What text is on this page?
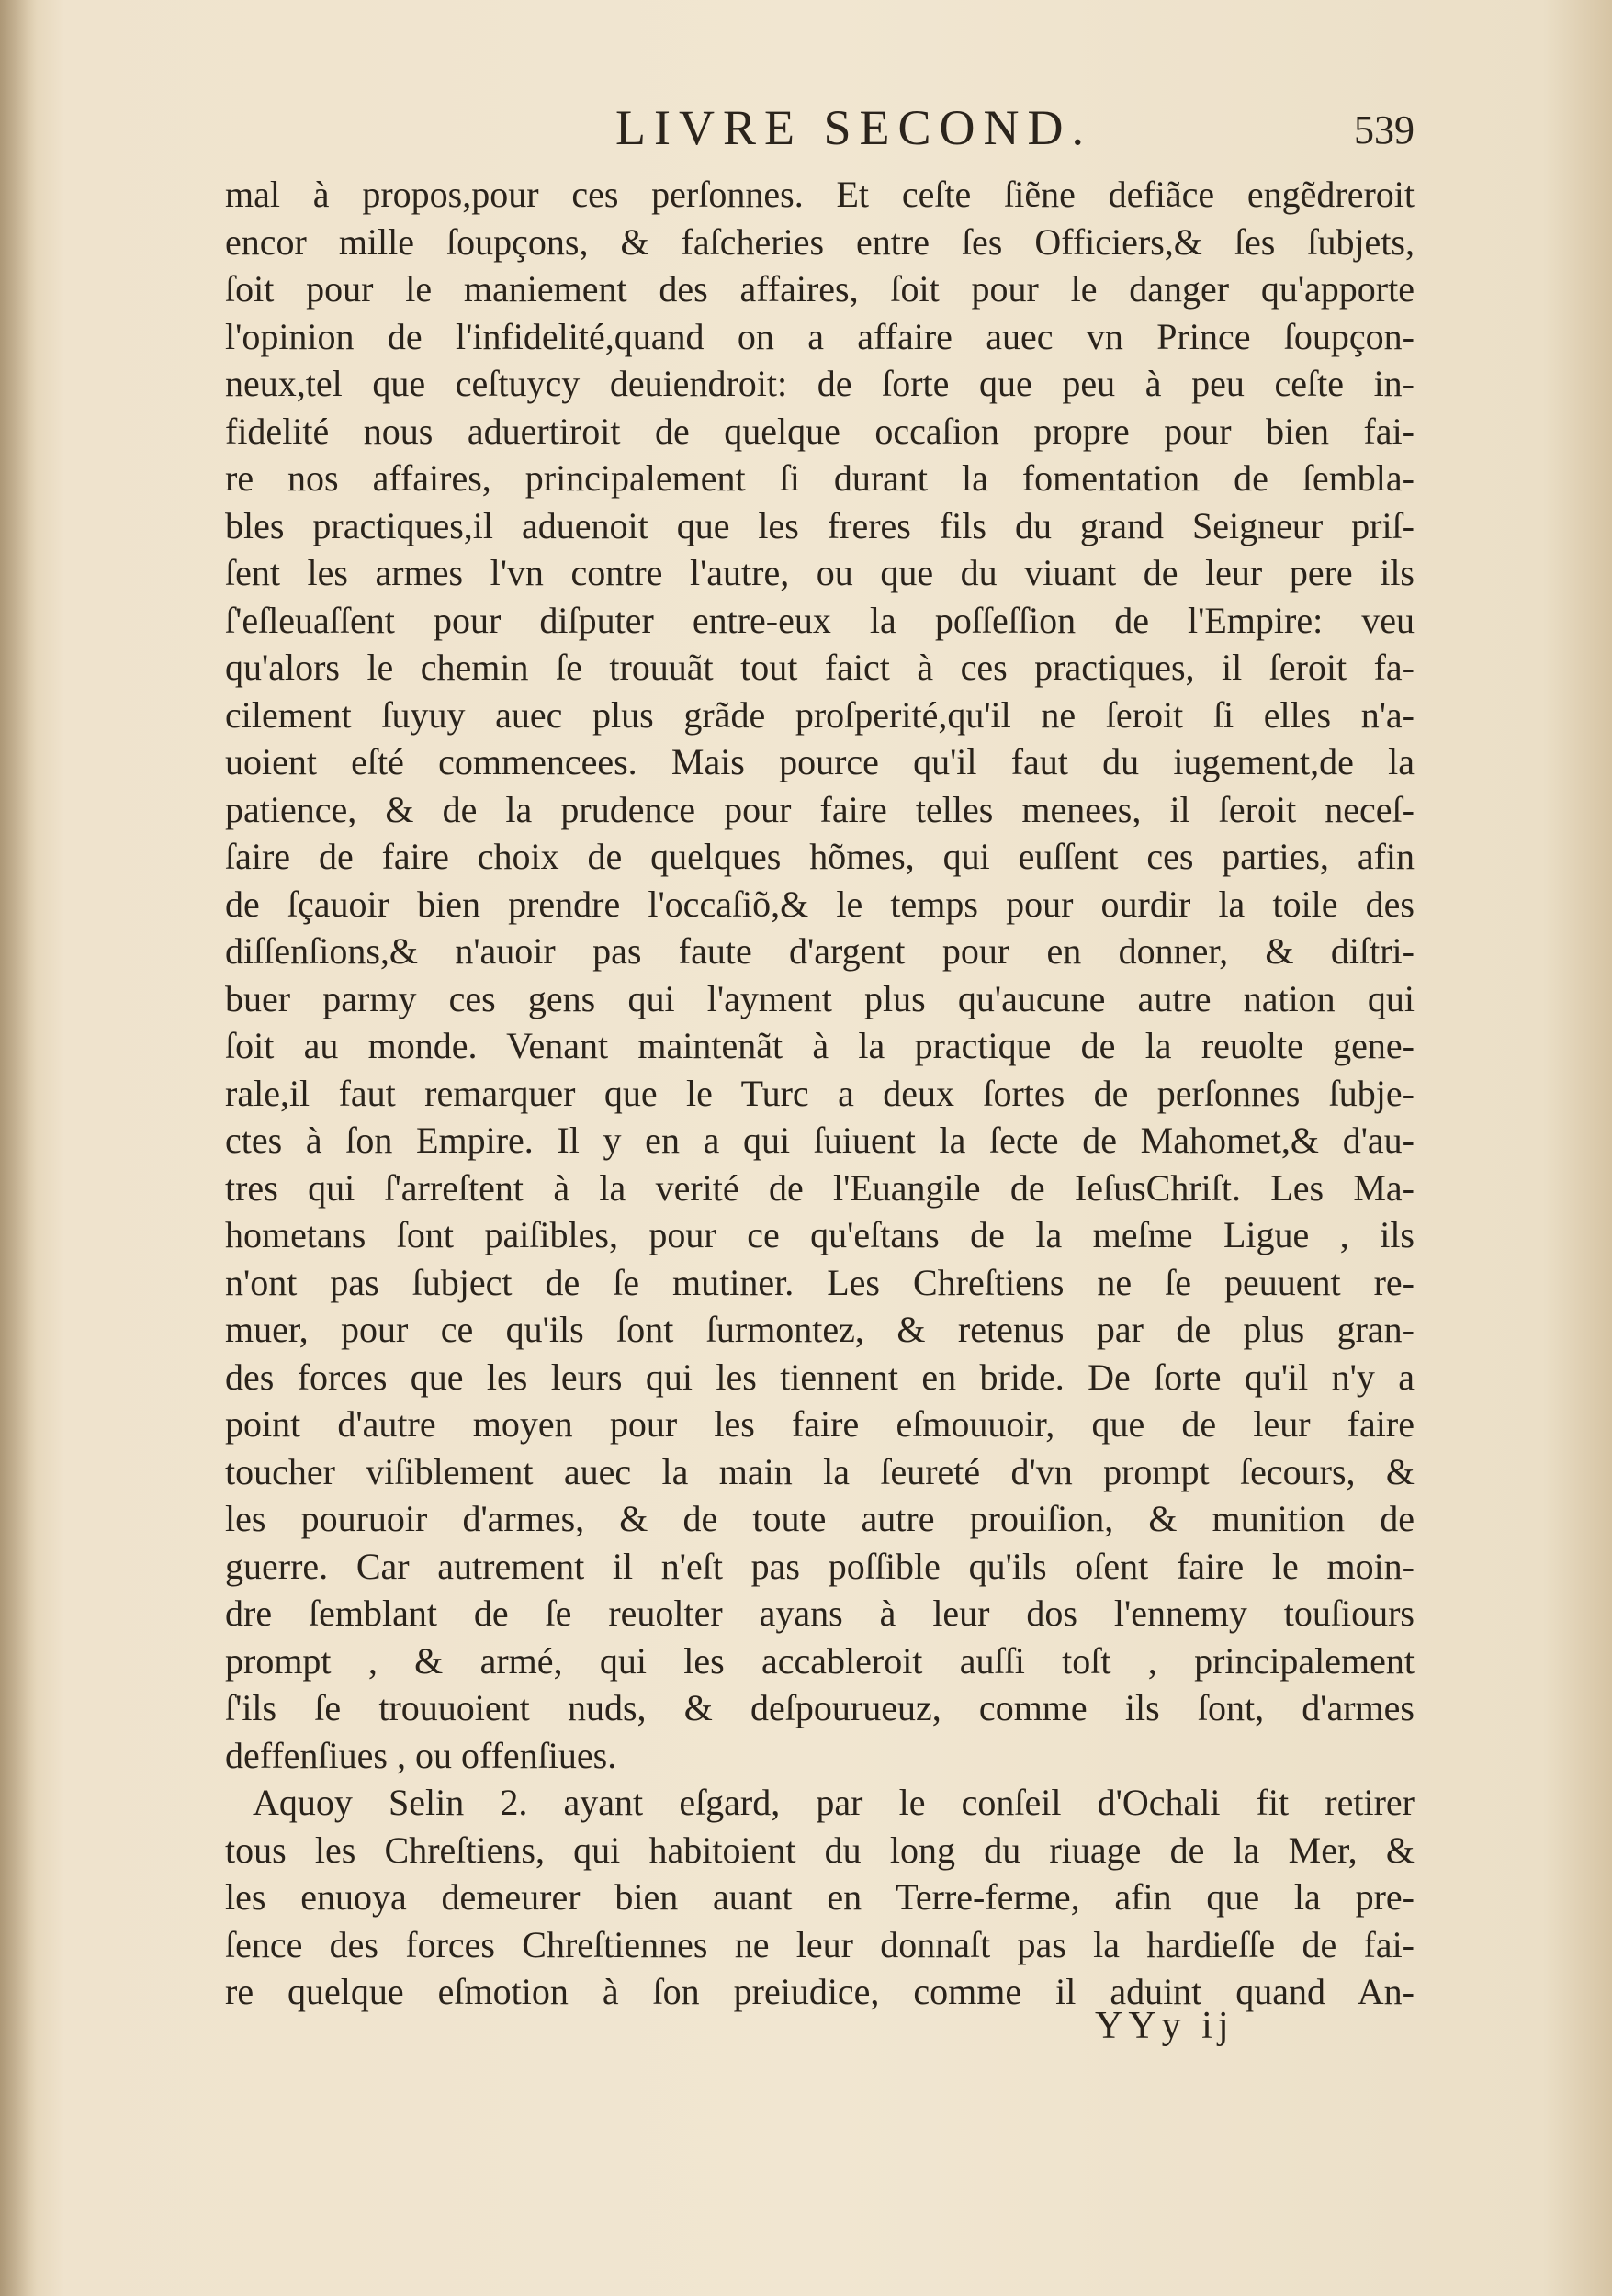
LIVRE SECOND.	539
mal à propos,pour ces perſonnes. Et ceſte ſiẽne defiãce engẽdreroit
encor mille ſoupçons, & faſcheries entre ſes Officiers,& ſes ſubjets,
ſoit pour le maniement des affaires, ſoit pour le danger qu'apporte
l'opinion de l'infidelité,quand on a affaire auec vn Prince ſoupçon-
neux,tel que ceſtuycy deuiendroit: de ſorte que peu à peu ceſte in-
fidelité nous aduertiroit de quelque occaſion propre pour bien fai-
re nos affaires, principalement ſi durant la fomentation de ſembla-
bles practiques,il aduenoit que les freres fils du grand Seigneur priſ-
ſent les armes l'vn contre l'autre, ou que du viuant de leur pere ils
ſ'eſleuaſſent pour diſputer entre-eux la poſſeſſion de l'Empire: veu
qu'alors le chemin ſe trouuãt tout faict à ces practiques, il ſeroit fa-
cilement ſuyuy auec plus grãde proſperité,qu'il ne ſeroit ſi elles n'a-
uoient eſté commencees. Mais pource qu'il faut du iugement,de la
patience, & de la prudence pour faire telles menees, il ſeroit neceſ-
ſaire de faire choix de quelques hõmes, qui euſſent ces parties, afin
de ſçauoir bien prendre l'occaſiõ,& le temps pour ourdir la toile des
diſſenſions,& n'auoir pas faute d'argent pour en donner, & diſtri-
buer parmy ces gens qui l'ayment plus qu'aucune autre nation qui
ſoit au monde. Venant maintenãt à la practique de la reuolte gene-
rale,il faut remarquer que le Turc a deux ſortes de perſonnes ſubje-
ctes à ſon Empire. Il y en a qui ſuiuent la ſecte de Mahomet,& d'au-
tres qui ſ'arreſtent à la verité de l'Euangile de IeſusChriſt. Les Ma-
hometans ſont paiſibles, pour ce qu'eſtans de la meſme Ligue , ils
n'ont pas ſubject de ſe mutiner. Les Chreſtiens ne ſe peuuent re-
muer, pour ce qu'ils ſont ſurmontez, & retenus par de plus gran-
des forces que les leurs qui les tiennent en bride. De ſorte qu'il n'y a
point d'autre moyen pour les faire eſmouuoir, que de leur faire
toucher viſiblement auec la main la ſeureté d'vn prompt ſecours, &
les pouruoir d'armes, & de toute autre prouiſion, & munition de
guerre. Car autrement il n'eſt pas poſſible qu'ils oſent faire le moin-
dre ſemblant de ſe reuolter ayans à leur dos l'ennemy touſiours
prompt , & armé, qui les accableroit auſſi toſt , principalement
ſ'ils ſe trouuoient nuds, & deſpourueuz, comme ils ſont, d'armes
deffenſiues , ou offenſiues.
Aquoy Selin 2. ayant eſgard, par le conſeil d'Ochali fit retirer
tous les Chreſtiens, qui habitoient du long du riuage de la Mer, &
les enuoya demeurer bien auant en Terre-ferme, afin que la pre-
ſence des forces Chreſtiennes ne leur donnaſt pas la hardieſſe de fai-
re quelque eſmotion à ſon preiudice, comme il aduint quand An-
YYy ij
